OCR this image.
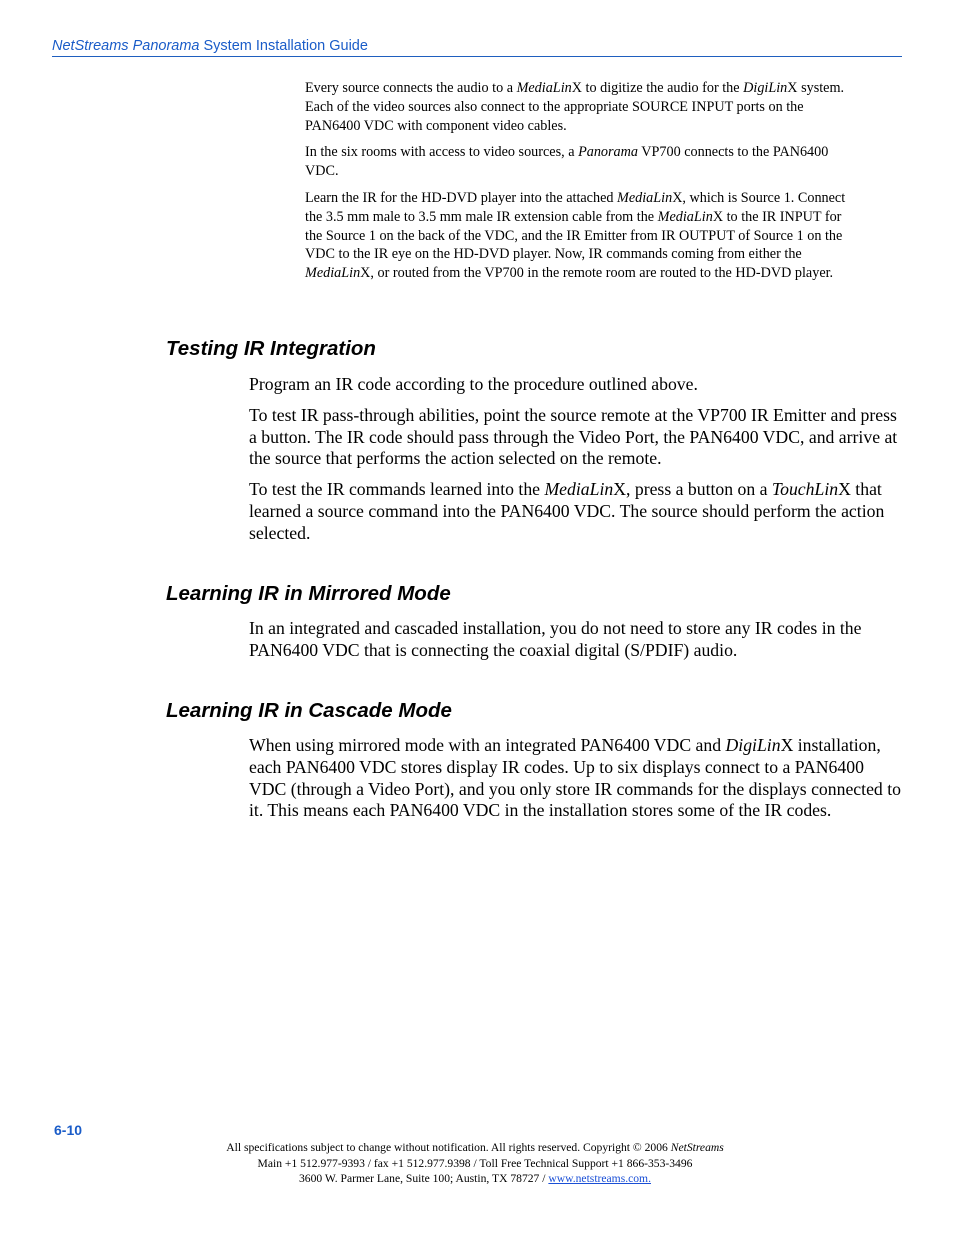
NetStreams Panorama System Installation Guide

Every source connects the audio to a MediaLinX to digitize the audio for the DigiLinX system. Each of the video sources also connect to the appropriate SOURCE INPUT ports on the PAN6400 VDC with component video cables.

In the six rooms with access to video sources, a Panorama VP700 connects to the PAN6400 VDC.

Learn the IR for the HD-DVD player into the attached MediaLinX, which is Source 1. Connect the 3.5 mm male to 3.5 mm male IR extension cable from the MediaLinX to the IR INPUT for the Source 1 on the back of the VDC, and the IR Emitter from IR OUTPUT of Source 1 on the VDC to the IR eye on the HD-DVD player. Now, IR commands coming from either the MediaLinX, or routed from the VP700 in the remote room are routed to the HD-DVD player.

Testing IR Integration

Program an IR code according to the procedure outlined above.

To test IR pass-through abilities, point the source remote at the VP700 IR Emitter and press a button. The IR code should pass through the Video Port, the PAN6400 VDC, and arrive at the source that performs the action selected on the remote.

To test the IR commands learned into the MediaLinX, press a button on a TouchLinX that learned a source command into the PAN6400 VDC. The source should perform the action selected.

Learning IR in Mirrored Mode

In an integrated and cascaded installation, you do not need to store any IR codes in the PAN6400 VDC that is connecting the coaxial digital (S/PDIF) audio.

Learning IR in Cascade Mode

When using mirrored mode with an integrated PAN6400 VDC and DigiLinX installation, each PAN6400 VDC stores display IR codes. Up to six displays connect to a PAN6400 VDC (through a Video Port), and you only store IR commands for the displays connected to it. This means each PAN6400 VDC in the installation stores some of the IR codes.

6-10
All specifications subject to change without notification. All rights reserved. Copyright © 2006 NetStreams
Main +1 512.977-9393 / fax +1 512.977.9398 / Toll Free Technical Support +1 866-353-3496
3600 W. Parmer Lane, Suite 100; Austin, TX 78727 / www.netstreams.com.
